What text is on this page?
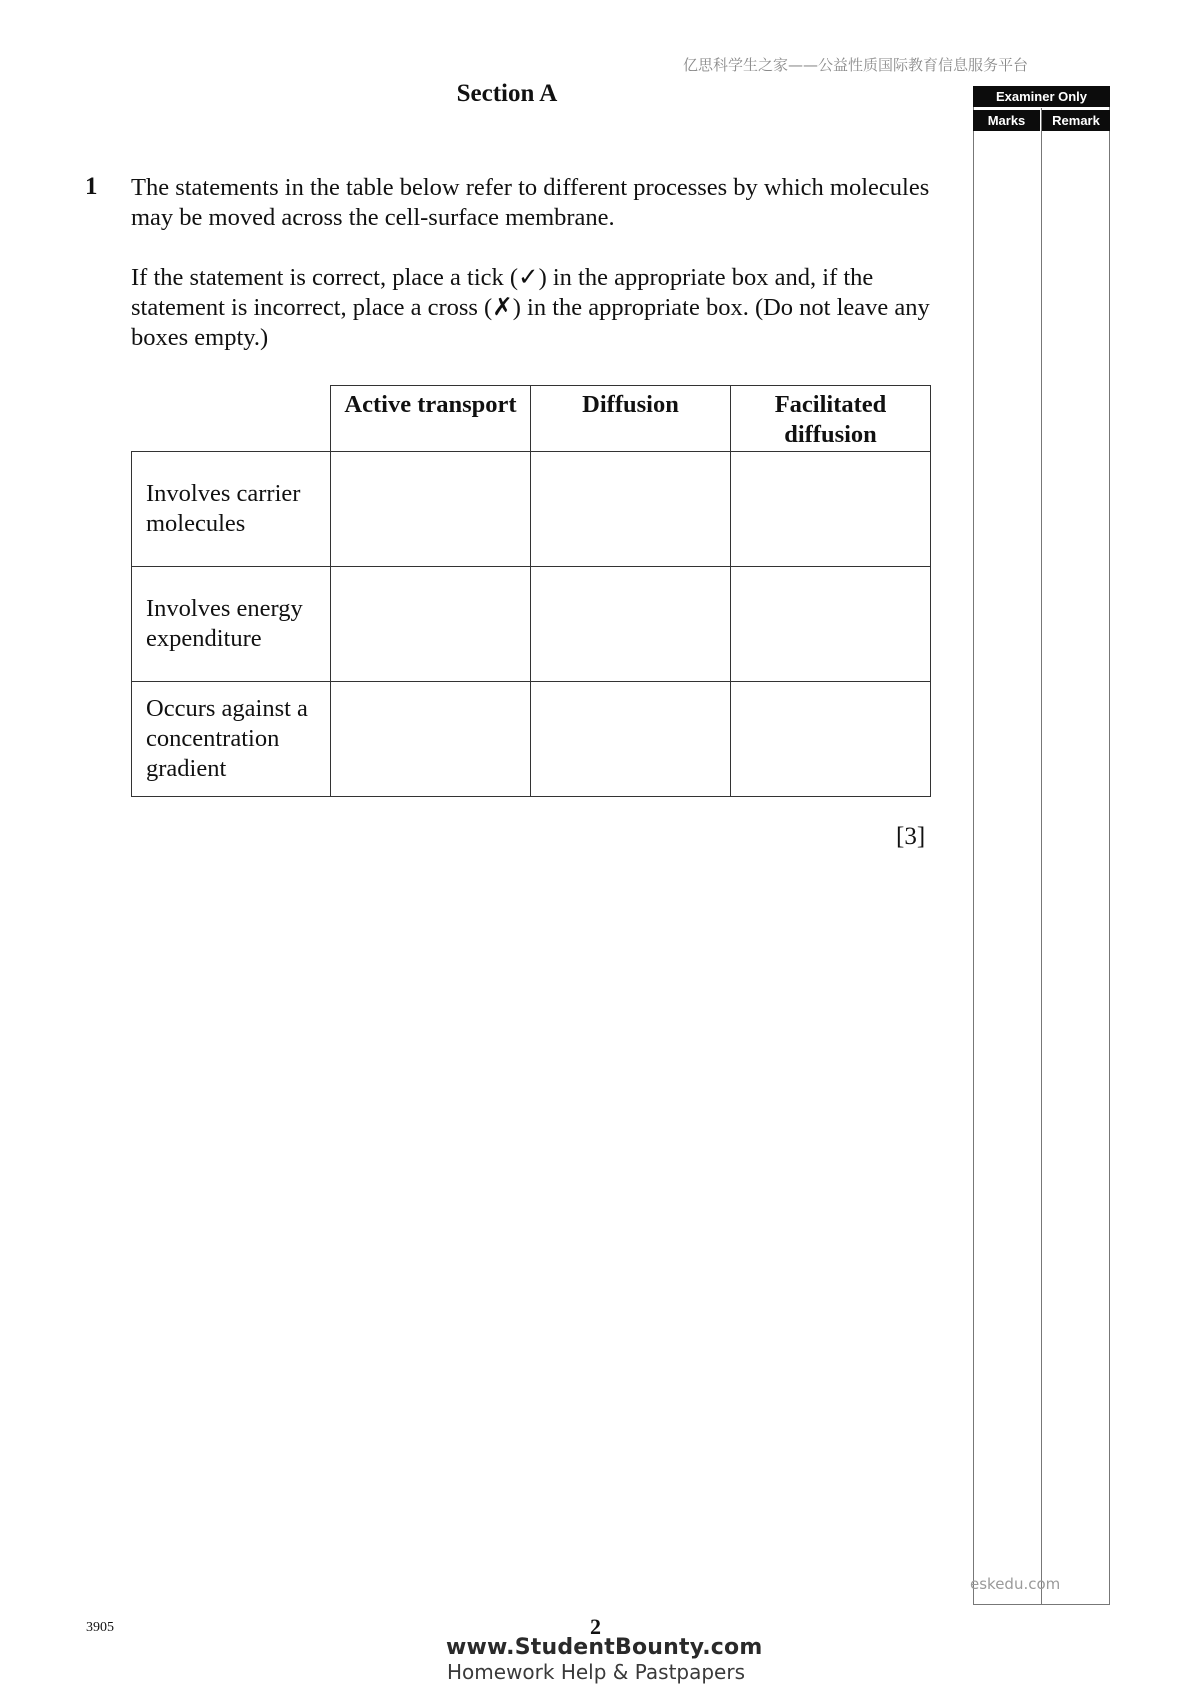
亿思科学生之家——公益性质国际教育信息服务平台
Section A
1 The statements in the table below refer to different processes by which molecules may be moved across the cell-surface membrane.
If the statement is correct, place a tick (✓) in the appropriate box and, if the statement is incorrect, place a cross (✗) in the appropriate box. (Do not leave any boxes empty.)
	Active transport	Diffusion	Facilitated diffusion
Involves carrier molecules			
Involves energy expenditure			
Occurs against a concentration gradient			
[3]
Examiner Only
Marks	Remark
eskedu.com
3905	2
www.StudentBounty.com
Homework Help & Pastpapers
